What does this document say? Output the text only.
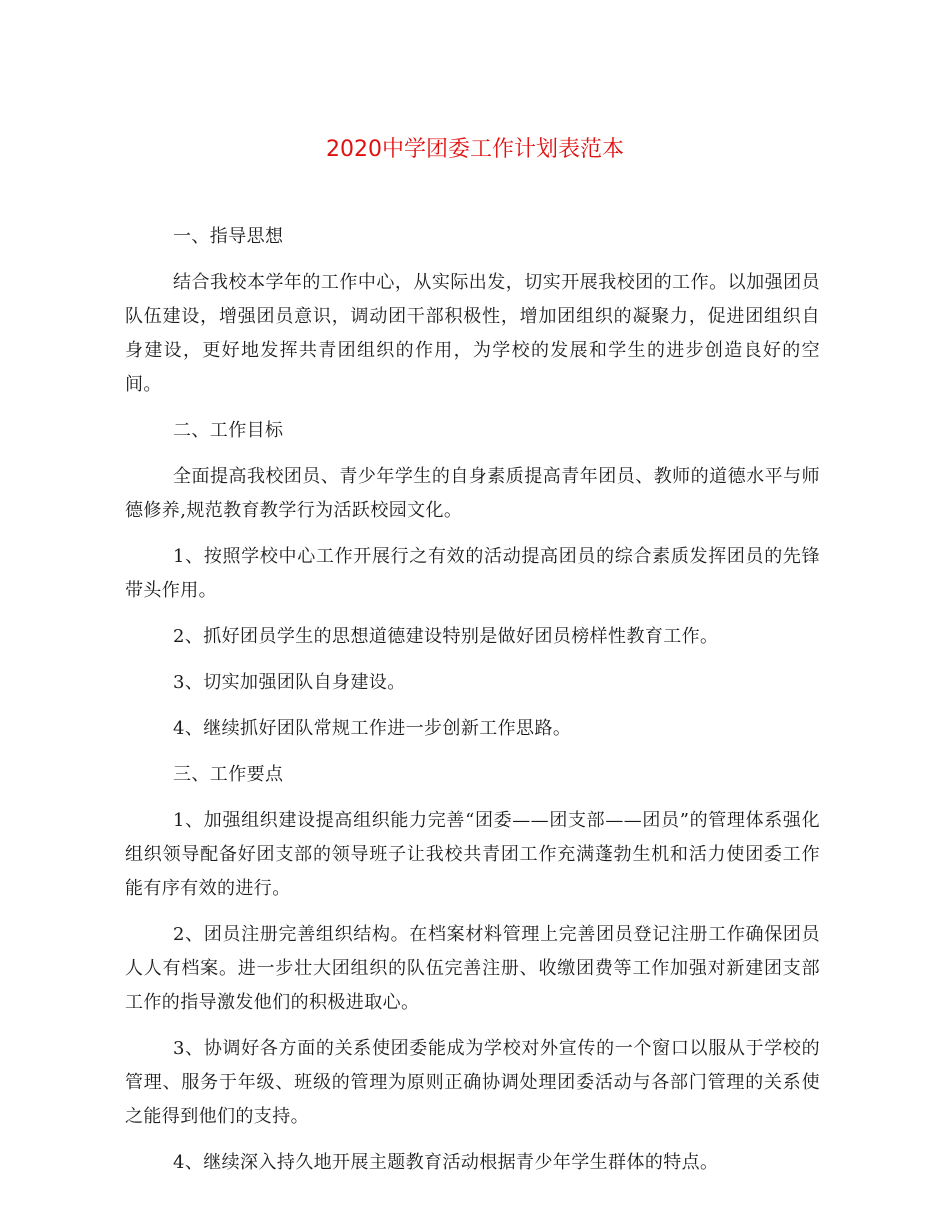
2020中学团委工作计划表范本

一、指导思想

结合我校本学年的工作中心，从实际出发，切实开展我校团的工作。以加强团员队伍建设，增强团员意识，调动团干部积极性，增加团组织的凝聚力，促进团组织自身建设，更好地发挥共青团组织的作用，为学校的发展和学生的进步创造良好的空间。

二、工作目标

全面提高我校团员、青少年学生的自身素质提高青年团员、教师的道德水平与师德修养,规范教育教学行为活跃校园文化。

1、按照学校中心工作开展行之有效的活动提高团员的综合素质发挥团员的先锋带头作用。

2、抓好团员学生的思想道德建设特别是做好团员榜样性教育工作。

3、切实加强团队自身建设。

4、继续抓好团队常规工作进一步创新工作思路。

三、工作要点

1、加强组织建设提高组织能力完善“团委——团支部——团员”的管理体系强化组织领导配备好团支部的领导班子让我校共青团工作充满蓬勃生机和活力使团委工作能有序有效的进行。

2、团员注册完善组织结构。在档案材料管理上完善团员登记注册工作确保团员人人有档案。进一步壮大团组织的队伍完善注册、收缴团费等工作加强对新建团支部工作的指导激发他们的积极进取心。

3、协调好各方面的关系使团委能成为学校对外宣传的一个窗口以服从于学校的管理、服务于年级、班级的管理为原则正确协调处理团委活动与各部门管理的关系使之能得到他们的支持。

4、继续深入持久地开展主题教育活动根据青少年学生群体的特点。
